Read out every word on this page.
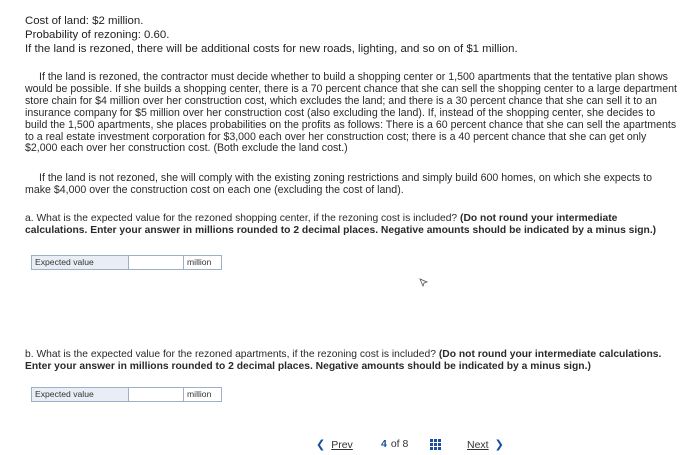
Cost of land: $2 million.
Probability of rezoning: 0.60.
If the land is rezoned, there will be additional costs for new roads, lighting, and so on of $1 million.
If the land is rezoned, the contractor must decide whether to build a shopping center or 1,500 apartments that the tentative plan shows would be possible. If she builds a shopping center, there is a 70 percent chance that she can sell the shopping center to a large department store chain for $4 million over her construction cost, which excludes the land; and there is a 30 percent chance that she can sell it to an insurance company for $5 million over her construction cost (also excluding the land). If, instead of the shopping center, she decides to build the 1,500 apartments, she places probabilities on the profits as follows: There is a 60 percent chance that she can sell the apartments to a real estate investment corporation for $3,000 each over her construction cost; there is a 40 percent chance that she can get only $2,000 each over her construction cost. (Both exclude the land cost.)
If the land is not rezoned, she will comply with the existing zoning restrictions and simply build 600 homes, on which she expects to make $4,000 over the construction cost on each one (excluding the cost of land).
a. What is the expected value for the rezoned shopping center, if the rezoning cost is included? (Do not round your intermediate calculations. Enter your answer in millions rounded to 2 decimal places. Negative amounts should be indicated by a minus sign.)
Expected value	million
b. What is the expected value for the rezoned apartments, if the rezoning cost is included? (Do not round your intermediate calculations. Enter your answer in millions rounded to 2 decimal places. Negative amounts should be indicated by a minus sign.)
Expected value	million
❮ Prev	4 of 8	Next ❯
